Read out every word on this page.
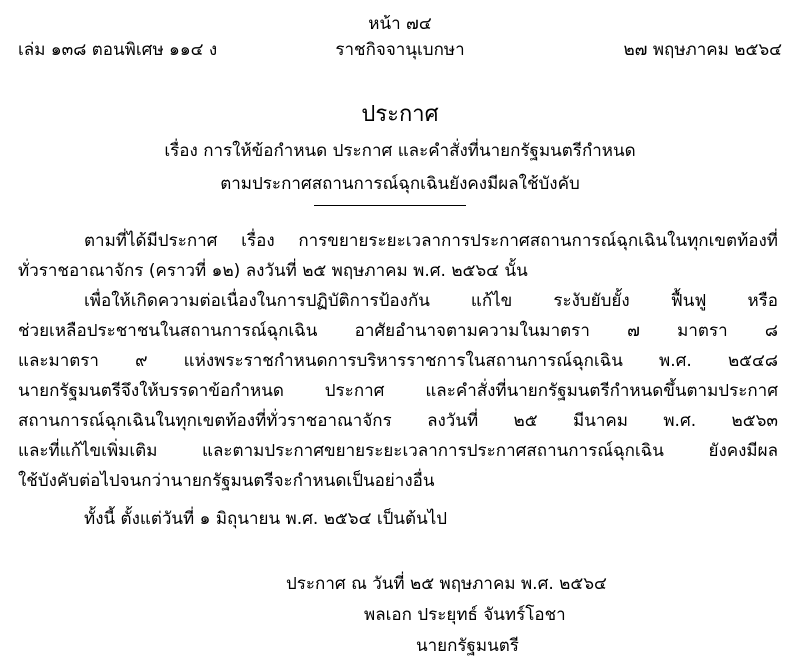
หน้า ๗๔
เล่ม ๑๓๘ ตอนพิเศษ ๑๑๔ ง	ราชกิจจานุเบกษา	๒๗ พฤษภาคม ๒๕๖๔
ประกาศ
เรื่อง การให้ข้อกำหนด ประกาศ และคำสั่งที่นายกรัฐมนตรีกำหนด
ตามประกาศสถานการณ์ฉุกเฉินยังคงมีผลใช้บังคับ
ตามที่ได้มีประกาศ เรื่อง การขยายระยะเวลาการประกาศสถานการณ์ฉุกเฉินในทุกเขตท้องที่
ทั่วราชอาณาจักร (คราวที่ ๑๒) ลงวันที่ ๒๕ พฤษภาคม พ.ศ. ๒๕๖๔ นั้น
เพื่อให้เกิดความต่อเนื่องในการปฏิบัติการป้องกัน แก้ไข ระงับยับยั้ง ฟื้นฟู หรือ
ช่วยเหลือประชาชนในสถานการณ์ฉุกเฉิน อาศัยอำนาจตามความในมาตรา ๗ มาตรา ๘
และมาตรา ๙ แห่งพระราชกำหนดการบริหารราชการในสถานการณ์ฉุกเฉิน พ.ศ. ๒๕๔๘
นายกรัฐมนตรีจึงให้บรรดาข้อกำหนด ประกาศ และคำสั่งที่นายกรัฐมนตรีกำหนดขึ้นตามประกาศ
สถานการณ์ฉุกเฉินในทุกเขตท้องที่ทั่วราชอาณาจักร ลงวันที่ ๒๕ มีนาคม พ.ศ. ๒๕๖๓
และที่แก้ไขเพิ่มเติม และตามประกาศขยายระยะเวลาการประกาศสถานการณ์ฉุกเฉิน ยังคงมีผล
ใช้บังคับต่อไปจนกว่านายกรัฐมนตรีจะกำหนดเป็นอย่างอื่น
ทั้งนี้ ตั้งแต่วันที่ ๑ มิถุนายน พ.ศ. ๒๕๖๔ เป็นต้นไป
ประกาศ ณ วันที่ ๒๕ พฤษภาคม พ.ศ. ๒๕๖๔
พลเอก ประยุทธ์ จันทร์โอชา
นายกรัฐมนตรี
